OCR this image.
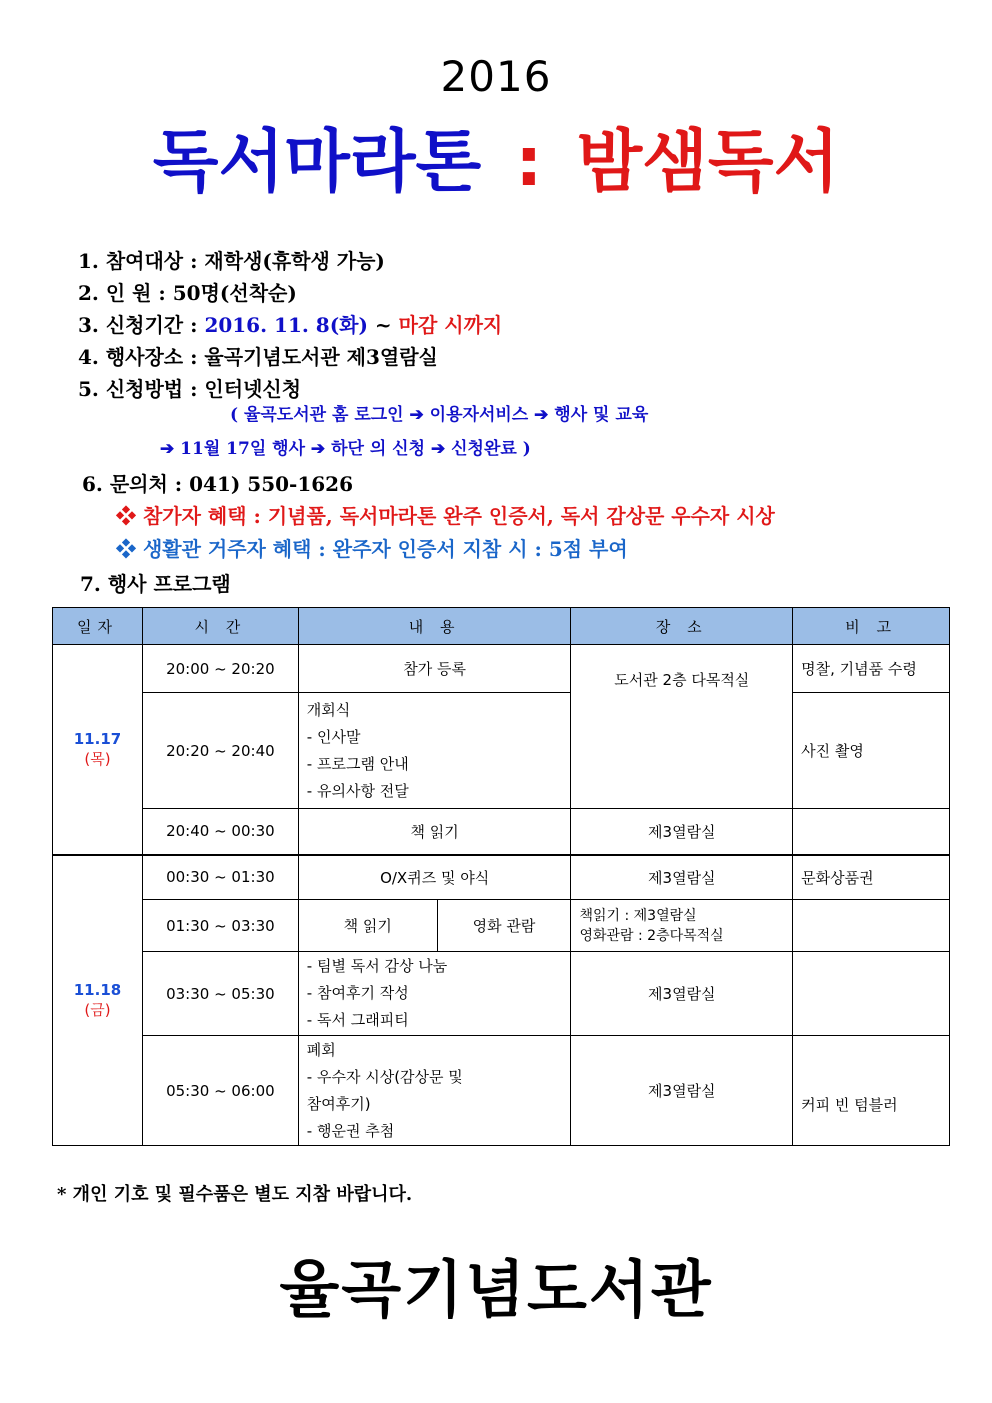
2016
독서마라톤 : 밤샘독서
1. 참여대상 : 재학생(휴학생 가능)
2. 인 원 : 50명(선착순)
3. 신청기간 : 2016. 11. 8(화) ~ 마감 시까지
4. 행사장소 : 율곡기념도서관 제3열람실
5. 신청방법 : 인터넷신청
( 율곡도서관 홈 로그인 ➔ 이용자서비스 ➔ 행사 및 교육
➔ 11월 17일 행사 ➔ 하단 의 신청 ➔ 신청완료 )
6. 문의처 : 041) 550-1626
❖ 참가자 혜택 : 기념품, 독서마라톤 완주 인증서, 독서 감상문 우수자 시상
❖ 생활관 거주자 혜택 : 완주자 인증서 지참 시 : 5점 부여
7. 행사 프로그램
일자	시 간	내 용		장 소	비 고
11.17
(목)	20:00 ~ 20:20	참가 등록		도서관 2층 다목적실	명찰, 기념품 수령
	20:20 ~ 20:40	개회식
- 인사말
- 프로그램 안내
- 유의사항 전달			사진 촬영
	20:40 ~ 00:30	책 읽기		제3열람실	
11.18
(금)	00:30 ~ 01:30	O/X퀴즈 및 야식		제3열람실	문화상품권
	01:30 ~ 03:30	책 읽기	영화 관람	책읽기 : 제3열람실
영화관람 : 2층다목적실	

	03:30 ~ 05:30	- 팀별 독서 감상 나눔
- 참여후기 작성
- 독서 그래피티		제3열람실	
	05:30 ~ 06:00	폐회
- 우수자 시상(감상문 및
참여후기)
- 행운권 추첨		제3열람실	커피 빈 텀블러
* 개인 기호 및 필수품은 별도 지참 바랍니다.
율곡기념도서관
